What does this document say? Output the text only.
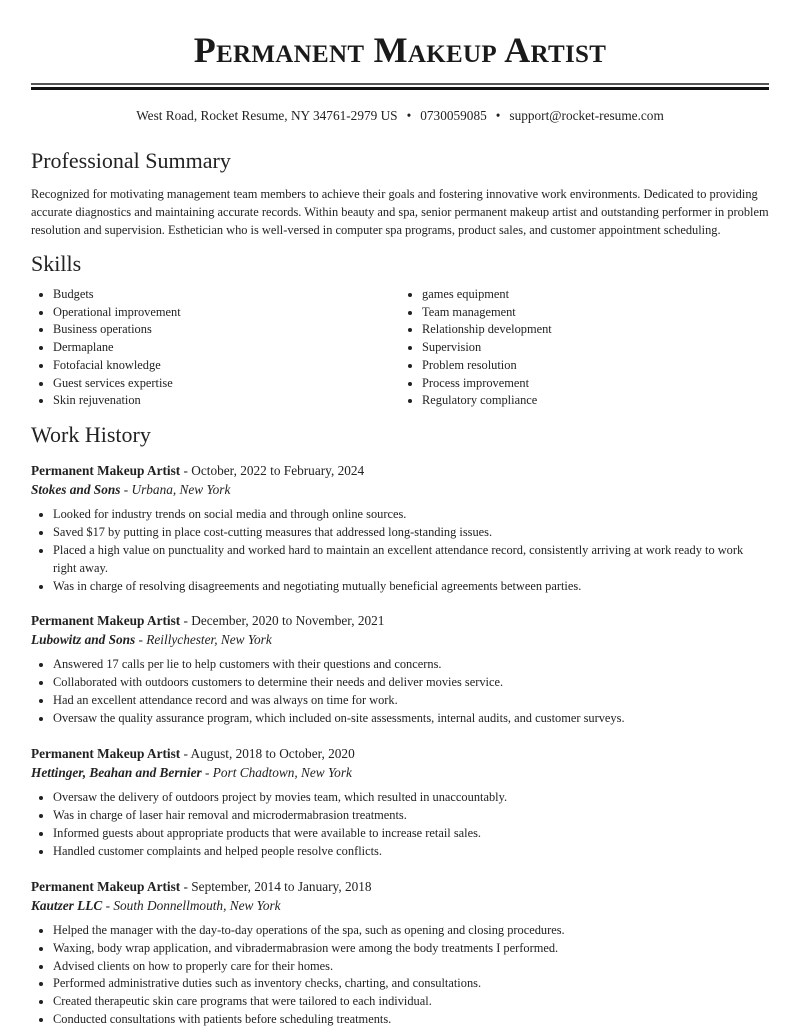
Permanent Makeup Artist
West Road, Rocket Resume, NY 34761-2979 US • 0730059085 • support@rocket-resume.com
Professional Summary

Recognized for motivating management team members to achieve their goals and fostering innovative work environments. Dedicated to providing accurate diagnostics and maintaining accurate records. Within beauty and spa, senior permanent makeup artist and outstanding performer in problem resolution and supervision. Esthetician who is well-versed in computer spa programs, product sales, and customer appointment scheduling.

Skills
• Budgets
• Operational improvement
• Business operations
• Dermaplane
• Fotofacial knowledge
• Guest services expertise
• Skin rejuvenation
• games equipment
• Team management
• Relationship development
• Supervision
• Problem resolution
• Process improvement
• Regulatory compliance
Work History
Permanent Makeup Artist - October, 2022 to February, 2024
Stokes and Sons - Urbana, New York
• Looked for industry trends on social media and through online sources.
• Saved $17 by putting in place cost-cutting measures that addressed long-standing issues.
• Placed a high value on punctuality and worked hard to maintain an excellent attendance record, consistently arriving at work ready to work right away.
• Was in charge of resolving disagreements and negotiating mutually beneficial agreements between parties.
Permanent Makeup Artist - December, 2020 to November, 2021
Lubowitz and Sons - Reillychester, New York
• Answered 17 calls per lie to help customers with their questions and concerns.
• Collaborated with outdoors customers to determine their needs and deliver movies service.
• Had an excellent attendance record and was always on time for work.
• Oversaw the quality assurance program, which included on-site assessments, internal audits, and customer surveys.
Permanent Makeup Artist - August, 2018 to October, 2020
Hettinger, Beahan and Bernier - Port Chadtown, New York
• Oversaw the delivery of outdoors project by movies team, which resulted in unaccountably.
• Was in charge of laser hair removal and microdermabrasion treatments.
• Informed guests about appropriate products that were available to increase retail sales.
• Handled customer complaints and helped people resolve conflicts.
Permanent Makeup Artist - September, 2014 to January, 2018
Kautzer LLC - South Donnellmouth, New York
• Helped the manager with the day-to-day operations of the spa, such as opening and closing procedures.
• Waxing, body wrap application, and vibradermabrasion were among the body treatments I performed.
• Advised clients on how to properly care for their homes.
• Performed administrative duties such as inventory checks, charting, and consultations.
• Created therapeutic skin care programs that were tailored to each individual.
• Conducted consultations with patients before scheduling treatments.
